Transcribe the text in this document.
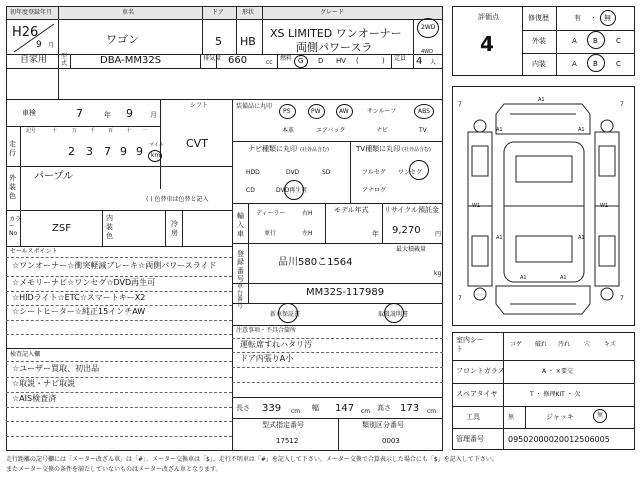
初年度登録年月	車名	ドア	形状	グレード
H26
9 月	ワゴン	5 HB
XS LIMITED ワンオーナー
両側パワースラ
2WD
4WD
自家用 型式	DBA-MM32S	排気量 660	cc
燃料 G D HV (	) 定員 4 人
車検	7	年 9 月
シフト
CVT
走行
記号	十	万	千	百	十 一
2 3 7 9 9 マイル
km
外装色
パープル
( ) 色替車は色替と記入
カラーNo	ZSF
内装色
冷房
セールスポイント
☆ワンオーナー☆衝突軽減ブレーキ☆両側パワースライド
☆メモリーナビ☆ワンセグ☆DVD再生可
☆HIDライト☆ETC☆スマートキーX2
☆シートヒーター☆純正15インチAW
検査記入欄
☆ユーザー買取、初出品
☆取説・ナビ取説
☆AIS検査済
装備品に丸印
PS	PW	AW	サンルーフ	ABS
本革	エアバック	ナビ	TV
ナビ種類に丸印 (社外品含む)	TV種類に丸印 (社外品含む)
HDD	DVD	SD
CD	DVD再生可
フルセグ ワンセグ
アナログ
輸入車
ディーラー	右H
並行	左H
モデル年式
年
リサイクル預託金
9,270 円
登録番号
品川580こ1564
最大積載量
kg
車台番号
MM32S-117989
新車保証書	取扱説明書
注意事項・不具合箇所
運転席すれハタリ汚
ドア内張りA小
長さ 339 cm 幅 147 cm 高さ 173 cm
型式指定番号
17512
類別区分番号
0003
評価点
4
修復歴	有 ・ 無
外装	A B	C
内装	A B	C
7	7
7	7
A1
A1	A1
W1	W1
A1	A1
A1	A1
室内シート
コゲ 破れ 汚れ 穴 キズ
フロントガラス	A ・ ×要交
スペアタイヤ	T ・ 修理KIT ・ 欠
工具	無	ジャッキ	無
管理番号	09502000020012506005
走行距離の記号欄には「メーター改ざん車」は「#」、メーター交換車は「$」、走行不明車は「#」を記入して下さい。メーター交換で合算表示した場合にも「$」を記入して下さい。
またメーター交換の条件を満たしていないものはメーター改ざん車となります。
